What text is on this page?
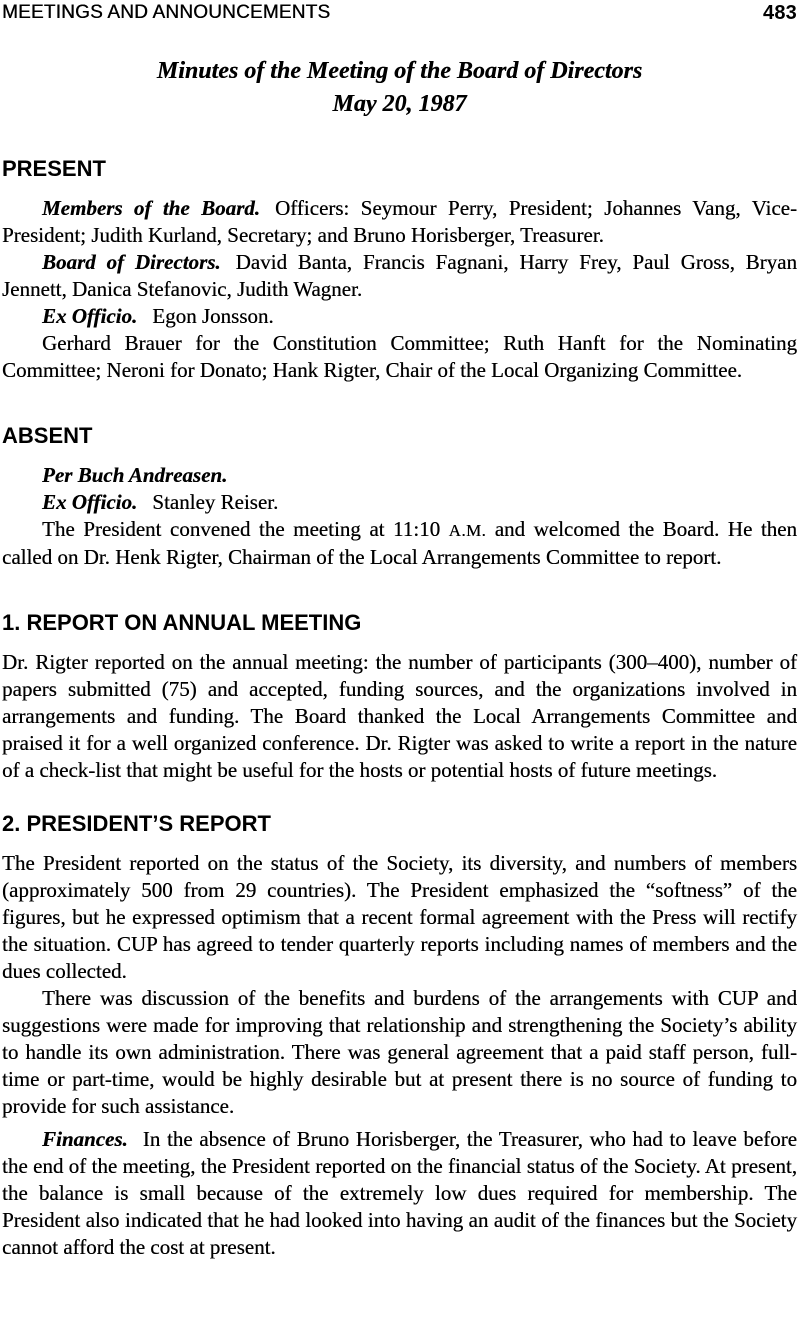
MEETINGS AND ANNOUNCEMENTS	483
Minutes of the Meeting of the Board of Directors
May 20, 1987
PRESENT

Members of the Board. Officers: Seymour Perry, President; Johannes Vang, Vice-President; Judith Kurland, Secretary; and Bruno Horisberger, Treasurer.

Board of Directors. David Banta, Francis Fagnani, Harry Frey, Paul Gross, Bryan Jennett, Danica Stefanovic, Judith Wagner.

Ex Officio. Egon Jonsson.

Gerhard Brauer for the Constitution Committee; Ruth Hanft for the Nominating Committee; Neroni for Donato; Hank Rigter, Chair of the Local Organizing Committee.

ABSENT

Per Buch Andreasen.

Ex Officio. Stanley Reiser.

The President convened the meeting at 11:10 A.M. and welcomed the Board. He then called on Dr. Henk Rigter, Chairman of the Local Arrangements Committee to report.

1. REPORT ON ANNUAL MEETING

Dr. Rigter reported on the annual meeting: the number of participants (300–400), number of papers submitted (75) and accepted, funding sources, and the organizations involved in arrangements and funding. The Board thanked the Local Arrangements Committee and praised it for a well organized conference. Dr. Rigter was asked to write a report in the nature of a check-list that might be useful for the hosts or potential hosts of future meetings.

2. PRESIDENT’S REPORT

The President reported on the status of the Society, its diversity, and numbers of members (approximately 500 from 29 countries). The President emphasized the “softness” of the figures, but he expressed optimism that a recent formal agreement with the Press will rectify the situation. CUP has agreed to tender quarterly reports including names of members and the dues collected.

There was discussion of the benefits and burdens of the arrangements with CUP and suggestions were made for improving that relationship and strengthening the Society’s ability to handle its own administration. There was general agreement that a paid staff person, full-time or part-time, would be highly desirable but at present there is no source of funding to provide for such assistance.

Finances. In the absence of Bruno Horisberger, the Treasurer, who had to leave before the end of the meeting, the President reported on the financial status of the Society. At present, the balance is small because of the extremely low dues required for membership. The President also indicated that he had looked into having an audit of the finances but the Society cannot afford the cost at present.
